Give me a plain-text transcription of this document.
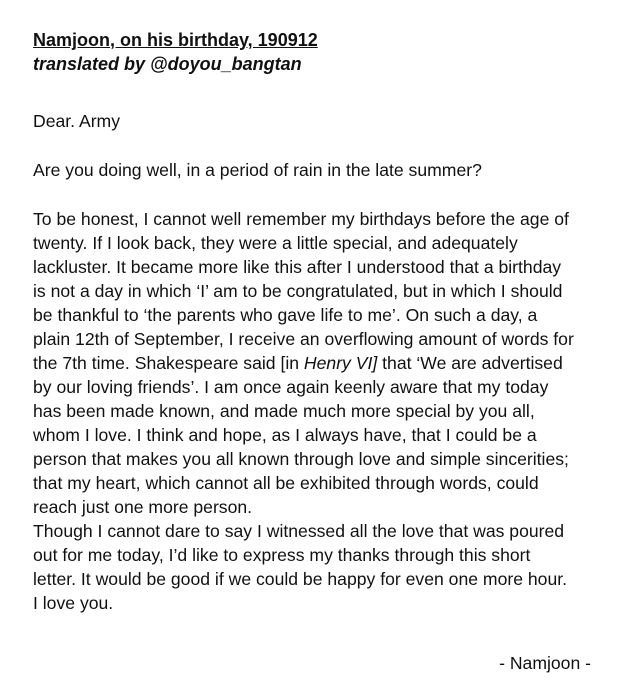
Namjoon, on his birthday, 190912
translated by @doyou_bangtan
Dear. Army
Are you doing well, in a period of rain in the late summer?
To be honest, I cannot well remember my birthdays before the age of
twenty. If I look back, they were a little special, and adequately
lackluster. It became more like this after I understood that a birthday
is not a day in which ‘I’ am to be congratulated, but in which I should
be thankful to ‘the parents who gave life to me’. On such a day, a
plain 12th of September, I receive an overflowing amount of words for
the 7th time. Shakespeare said [in Henry VI] that ‘We are advertised
by our loving friends’. I am once again keenly aware that my today
has been made known, and made much more special by you all,
whom I love. I think and hope, as I always have, that I could be a
person that makes you all known through love and simple sincerities;
that my heart, which cannot all be exhibited through words, could
reach just one more person.
Though I cannot dare to say I witnessed all the love that was poured
out for me today, I’d like to express my thanks through this short
letter. It would be good if we could be happy for even one more hour.
I love you.
- Namjoon -
